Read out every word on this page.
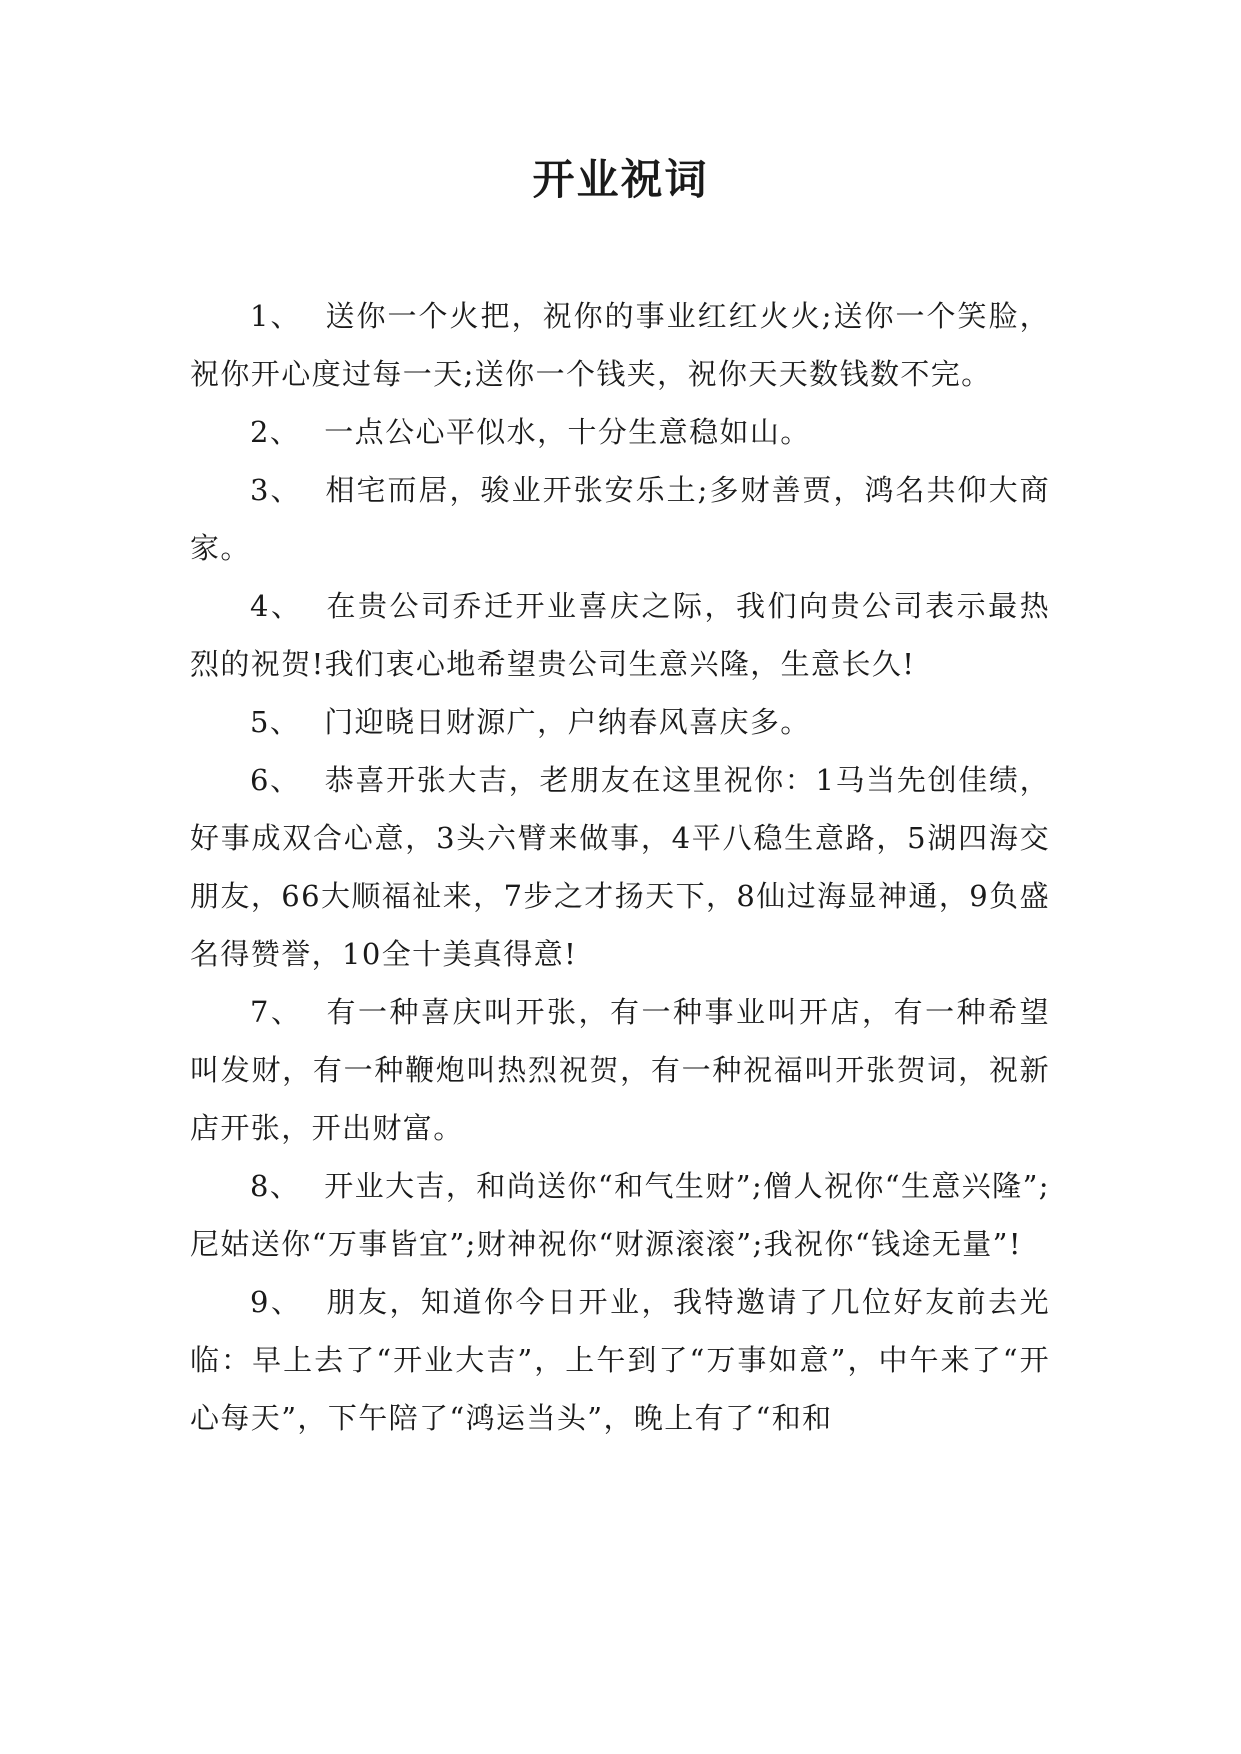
开业祝词

1、 送你一个火把，祝你的事业红红火火;送你一个笑脸，祝你开心度过每一天;送你一个钱夹，祝你天天数钱数不完。

2、 一点公心平似水，十分生意稳如山。

3、 相宅而居，骏业开张安乐土;多财善贾，鸿名共仰大商家。

4、 在贵公司乔迁开业喜庆之际，我们向贵公司表示最热烈的祝贺!我们衷心地希望贵公司生意兴隆，生意长久!

5、 门迎晓日财源广，户纳春风喜庆多。

6、 恭喜开张大吉，老朋友在这里祝你：1马当先创佳绩，好事成双合心意，3头六臂来做事，4平八稳生意路，5湖四海交朋友，66大顺福祉来，7步之才扬天下，8仙过海显神通，9负盛名得赞誉，10全十美真得意!

7、 有一种喜庆叫开张，有一种事业叫开店，有一种希望叫发财，有一种鞭炮叫热烈祝贺，有一种祝福叫开张贺词，祝新店开张，开出财富。

8、 开业大吉，和尚送你“和气生财”;僧人祝你“生意兴隆”;尼姑送你“万事皆宜”;财神祝你“财源滚滚”;我祝你“钱途无量”!

9、 朋友，知道你今日开业，我特邀请了几位好友前去光临：早上去了“开业大吉”，上午到了“万事如意”，中午来了“开心每天”，下午陪了“鸿运当头”，晚上有了“和和
